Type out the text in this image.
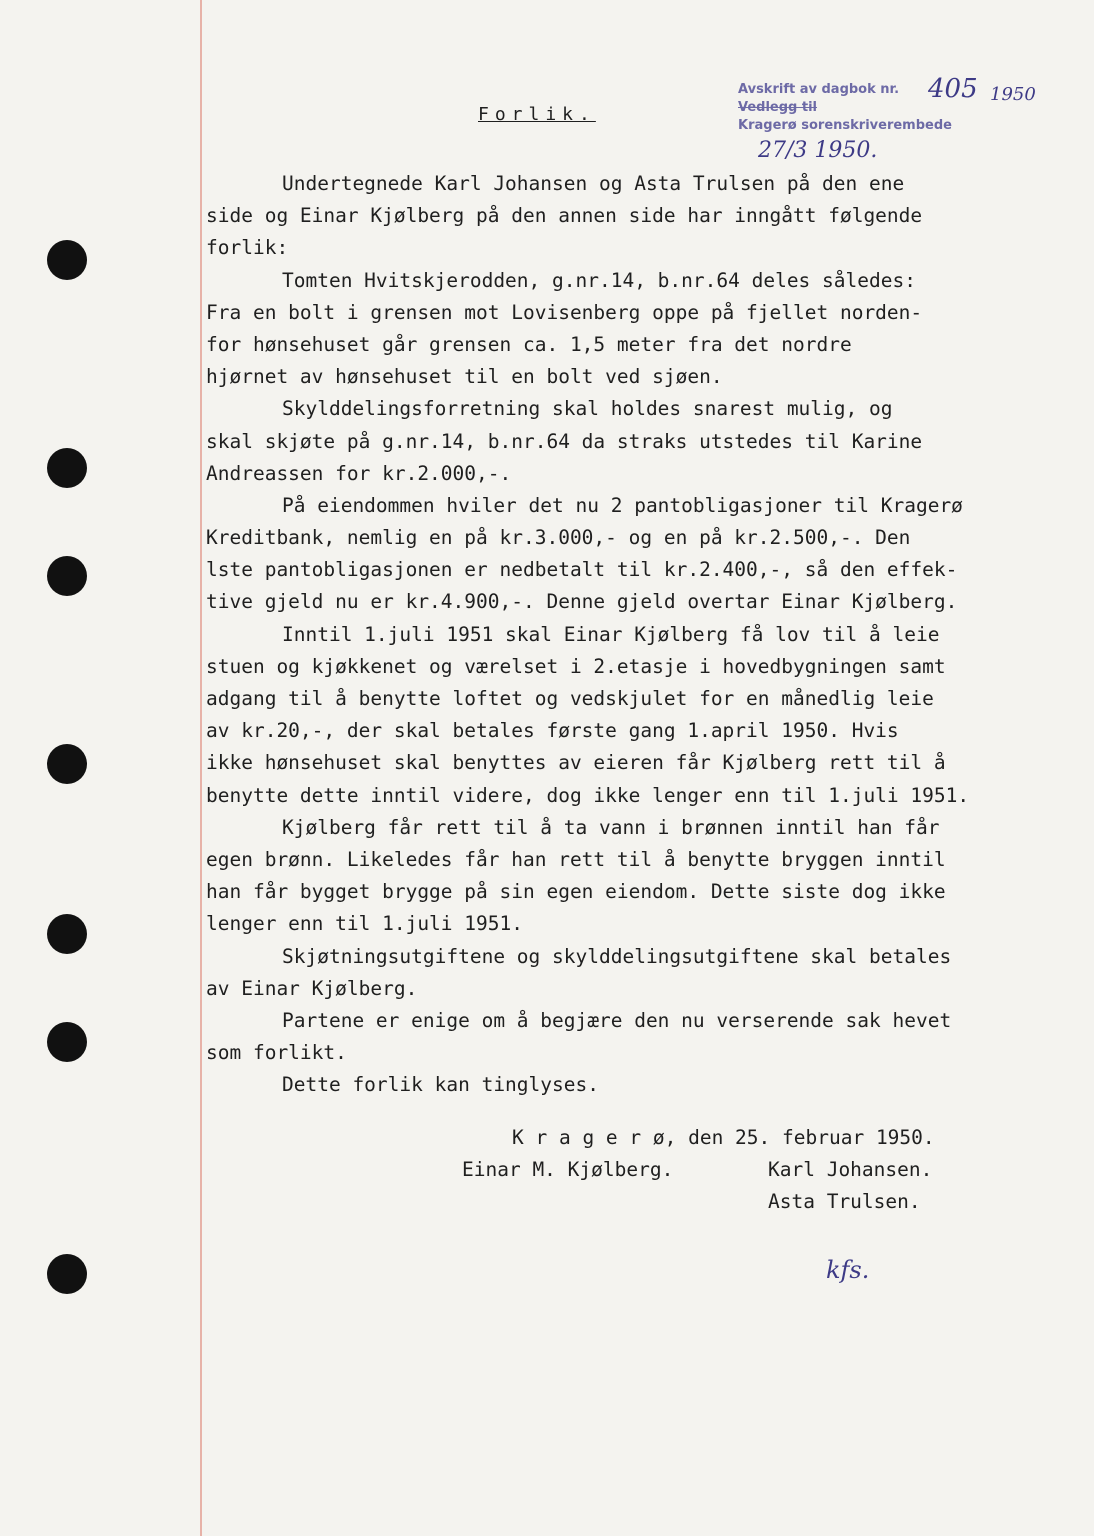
Avskrift av dagbok nr.
Vedlegg til
Kragerø sorenskriverembede
405 1950
27/3 1950.
Forlik.
Undertegnede Karl Johansen og Asta Trulsen på den ene
side og Einar Kjølberg på den annen side har inngått følgende
forlik:
Tomten Hvitskjerodden, g.nr.14, b.nr.64 deles således:
Fra en bolt i grensen mot Lovisenberg oppe på fjellet norden-
for hønsehuset går grensen ca. 1,5 meter fra det nordre
hjørnet av hønsehuset til en bolt ved sjøen.
Skylddelingsforretning skal holdes snarest mulig, og
skal skjøte på g.nr.14, b.nr.64 da straks utstedes til Karine
Andreassen for kr.2.000,-.
På eiendommen hviler det nu 2 pantobligasjoner til Kragerø
Kreditbank, nemlig en på kr.3.000,- og en på kr.2.500,-. Den
lste pantobligasjonen er nedbetalt til kr.2.400,-, så den effek-
tive gjeld nu er kr.4.900,-. Denne gjeld overtar Einar Kjølberg.
Inntil 1.juli 1951 skal Einar Kjølberg få lov til å leie
stuen og kjøkkenet og værelset i 2.etasje i hovedbygningen samt
adgang til å benytte loftet og vedskjulet for en månedlig leie
av kr.20,-, der skal betales første gang 1.april 1950. Hvis
ikke hønsehuset skal benyttes av eieren får Kjølberg rett til å
benytte dette inntil videre, dog ikke lenger enn til 1.juli 1951.
Kjølberg får rett til å ta vann i brønnen inntil han får
egen brønn. Likeledes får han rett til å benytte bryggen inntil
han får bygget brygge på sin egen eiendom. Dette siste dog ikke
lenger enn til 1.juli 1951.
Skjøtningsutgiftene og skylddelingsutgiftene skal betales
av Einar Kjølberg.
Partene er enige om å begjære den nu verserende sak hevet
som forlikt.
Dette forlik kan tinglyses.
K r a g e r ø, den 25. februar 1950.
Einar M. Kjølberg.	Karl Johansen.
Asta Trulsen.
kfs.
